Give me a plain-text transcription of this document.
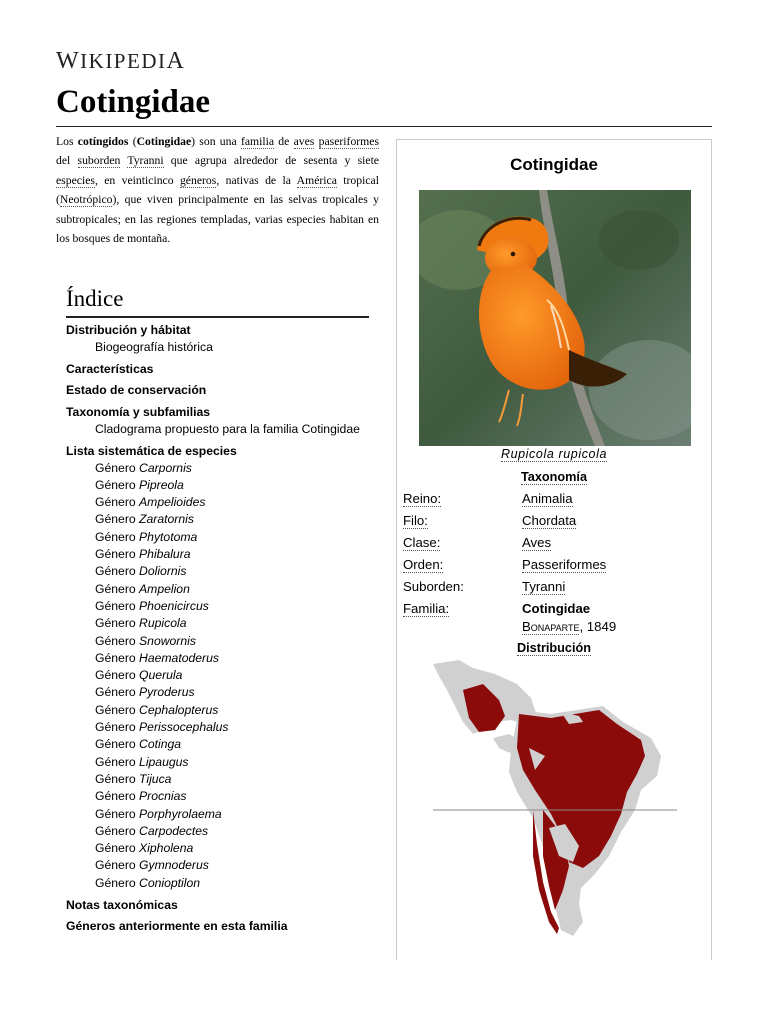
WIKIPEDIA
Cotingidae

Los cotíngidos (Cotingidae) son una familia de aves paseriformes del suborden Tyranni que agrupa alrededor de sesenta y siete especies, en veinticinco géneros, nativas de la América tropical (Neotrópico), que viven principalmente en las selvas tropicales y subtropicales; en las regiones templadas, varias especies habitan en los bosques de montaña.

Índice
Distribución y hábitat
Biogeografía histórica
Características
Estado de conservación
Taxonomía y subfamilias
Cladograma propuesto para la familia Cotingidae
Lista sistemática de especies
Género Carpornis
Género Pipreola
Género Ampelioides
Género Zaratornis
Género Phytotoma
Género Phibalura
Género Doliornis
Género Ampelion
Género Phoenicircus
Género Rupicola
Género Snowornis
Género Haematoderus
Género Querula
Género Pyroderus
Género Cephalopterus
Género Perissocephalus
Género Cotinga
Género Lipaugus
Género Tijuca
Género Procnias
Género Porphyrolaema
Género Carpodectes
Género Xipholena
Género Gymnoderus
Género Conioptilon
Notas taxonómicas
Géneros anteriormente en esta familia
Cotingidae
Rupicola rupicola
Taxonomía
Reino:	Animalia
Filo:	Chordata
Clase:	Aves
Orden:	Passeriformes
Suborden:	Tyranni
Familia:	Cotingidae
Bonaparte, 1849
Distribución
